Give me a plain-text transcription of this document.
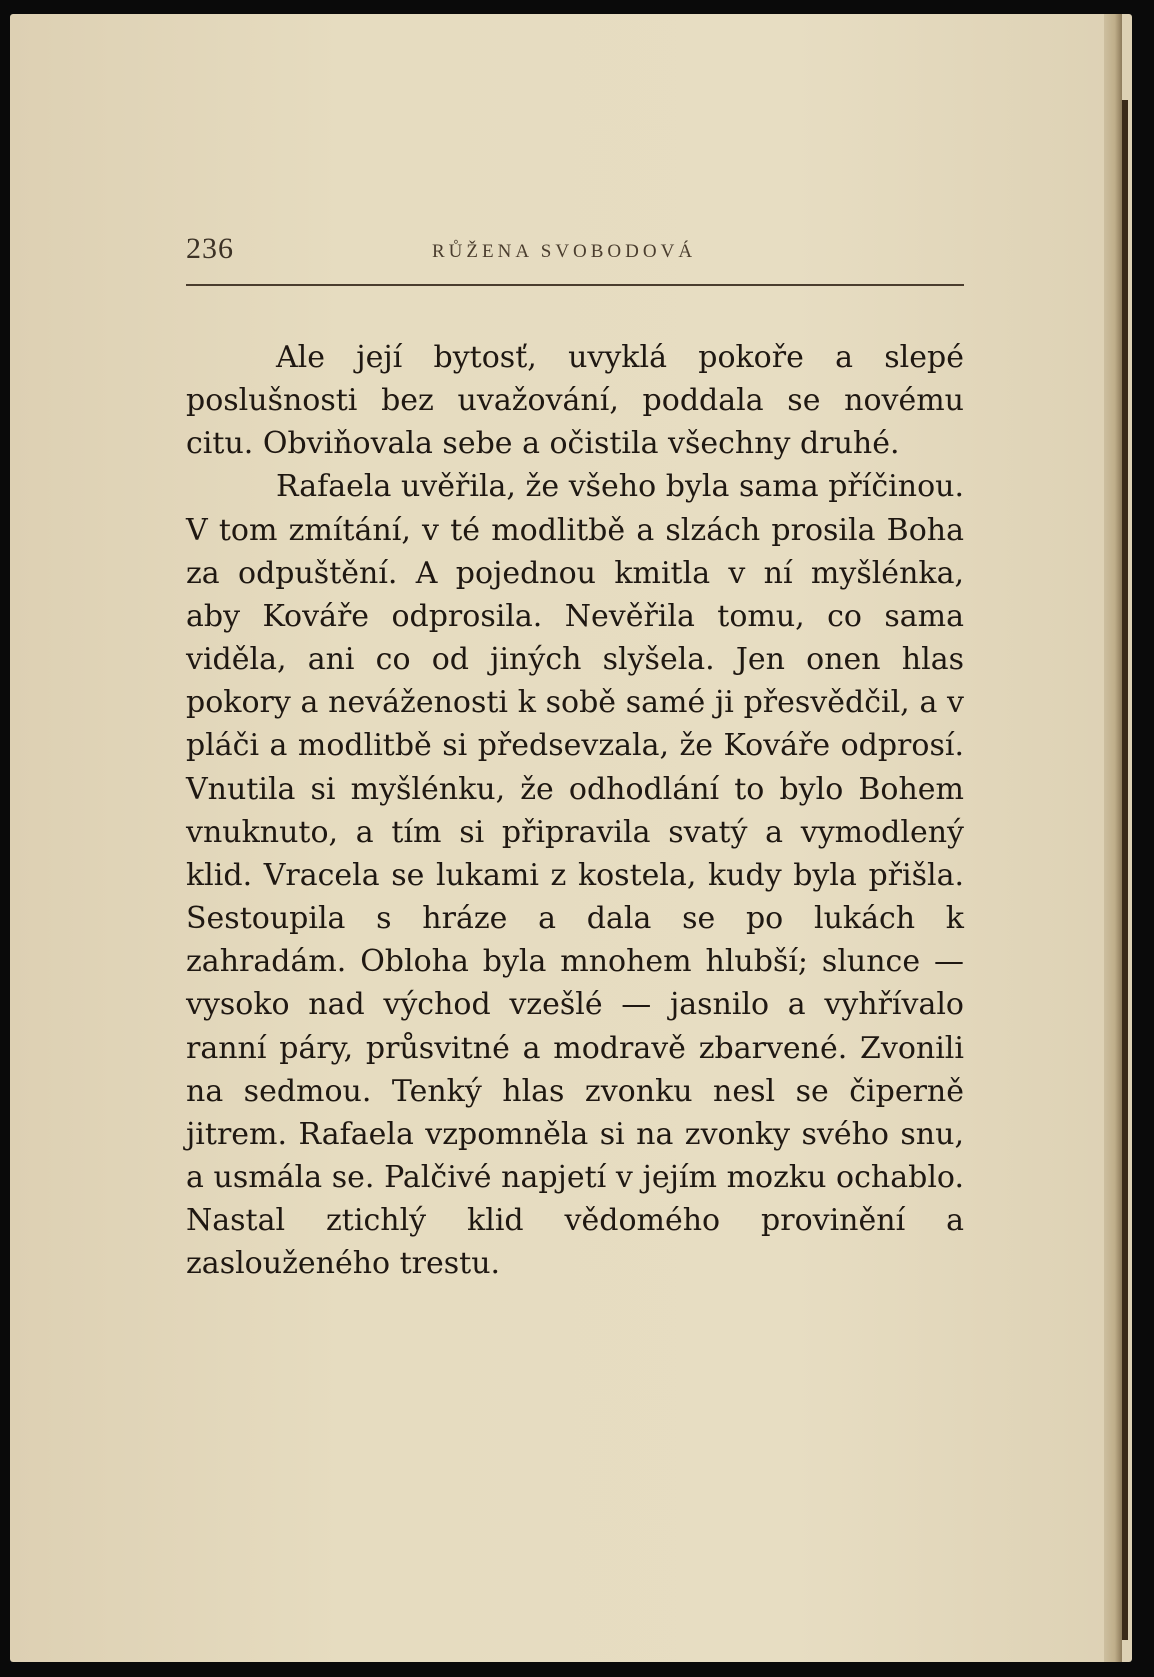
236	RŮŽENA SVOBODOVÁ

Ale její bytosť, uvyklá pokoře a slepé poslušnosti bez uvažování, poddala se novému citu. Obviňovala sebe a očistila všechny druhé.

Rafaela uvěřila, že všeho byla sama příčinou. V tom zmítání, v té modlitbě a slzách prosila Boha za odpuštění. A pojednou kmitla v ní myšlénka, aby Kováře odprosila. Nevěřila tomu, co sama viděla, ani co od jiných slyšela. Jen onen hlas pokory a neváženosti k sobě samé ji přesvědčil, a v pláči a modlitbě si předsevzala, že Kováře odprosí. Vnutila si myšlénku, že odhodlání to bylo Bohem vnuknuto, a tím si připravila svatý a vymodlený klid. Vracela se lukami z kostela, kudy byla přišla. Sestoupila s hráze a dala se po lukách k zahradám. Obloha byla mnohem hlubší; slunce — vysoko nad východ vzešlé — jasnilo a vyhřívalo ranní páry, průsvitné a modravě zbarvené. Zvonili na sedmou. Tenký hlas zvonku nesl se čiperně jitrem. Rafaela vzpomněla si na zvonky svého snu, a usmála se. Palčivé napjetí v jejím mozku ochablo. Nastal ztichlý klid vědomého provinění a zaslouženého trestu.
